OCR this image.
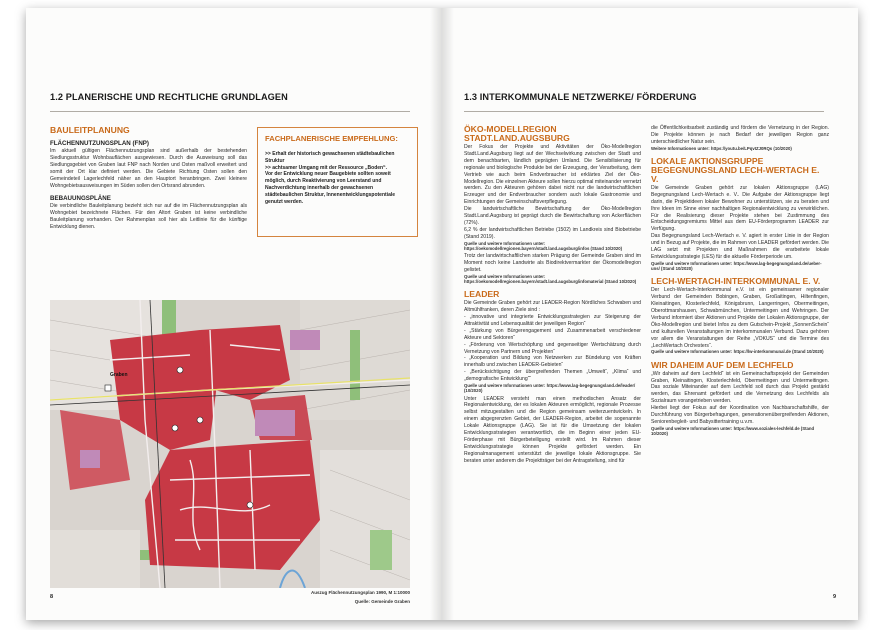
1.2 PLANERISCHE UND RECHTLICHE GRUNDLAGEN
BAULEITPLANUNG
FLÄCHENNUTZUNGSPLAN (FNP)

Im aktuell gültigen Flächennutzungsplan sind außerhalb der bestehenden Siedlungsstruktur Wohnbauflächen ausgewiesen. Durch die Ausweisung soll das Siedlungsgebiet von Graben laut FNP nach Norden und Osten maßvoll erweitert und somit der Ort klar definiert werden. Die Gebiete Richtung Osten sollen den Gemeindeteil Lagerlechfeld näher an den Hauptort heranbringen. Zwei kleinere Wohngebietsausweisungen im Süden sollen den Ortsrand abrunden.

BEBAUUNGSPLÄNE

Die verbindliche Bauleitplanung bezieht sich nur auf die im Flächennutzungsplan als Wohngebiet bezeichnete Flächen. Für den Altort Graben ist keine verbindliche Bauleitplanung vorhanden. Der Rahmenplan soll hier als Leitlinie für die künftige Entwicklung dienen.

FACHPLANERISCHE EMPFEHLUNG:
>> Erhalt der historisch gewachsenen städtebaulichen Struktur
>> achtsamer Umgang mit der Ressource „Boden“.
Vor der Entwicklung neuer Baugebiete sollten soweit möglich, durch Reaktivierung von Leerstand und Nachverdichtung innerhalb der gewachsenen städtebaulichen Struktur, Innenentwicklungspotentiale genutzt werden.
Graben
Auszug Flächennutzungsplan 1990, M 1:10000
Quelle: Gemeinde Graben
8
1.3 INTERKOMMUNALE NETZWERKE/ FÖRDERUNG
ÖKO-MODELLREGION STADT.LAND.AUGSBURG

Der Fokus der Projekte und Aktivitäten der Öko-Modellregion Stadt.Land.Augsburg liegt auf der Wechselwirkung zwischen der Stadt und dem benachbarten, ländlich geprägten Umland. Die Sensibilisierung für regionale und biologische Produkte bei der Erzeugung, der Verarbeitung, dem Vertrieb wie auch beim Endverbraucher ist erklärtes Ziel der Öko-Modellregion. Die einzelnen Akteure sollen hierzu optimal miteinander vernetzt werden. Zu den Akteuren gehören dabei nicht nur die landwirtschaftlichen Erzeuger und der Endverbraucher sondern auch lokale Gastronomie und Einrichtungen der Gemeinschaftsverpflegung.

Die landwirtschaftliche Bewirtschaftung der Öko-Modellregion Stadt.Land.Augsburg ist geprägt durch die Bewirtschaftung von Ackerflächen (72%).

6,2 % der landwirtschaftlichen Betriebe (1502) im Landkreis sind Biobetriebe (Stand 2019).

Quelle und weitere Informationen unter: https://oekomodellregionen.bayern/stadt.land.augsburg/infos (Stand 10/2020)

Trotz der landwirtschaftlichen starken Prägung der Gemeinde Graben sind im Moment noch keine Landwirte als Biodirektvermarkter der Ökomodellregion gelistet.

Quelle und weitere Informationen unter: https://oekomodellregionen.bayern/stadt.land.augsburg/infomaterial (Stand 10/2020)

LEADER

Die Gemeinde Graben gehört zur LEADER-Region Nördliches Schwaben und Altmühlfranken, deren Ziele sind :

- „innovative und integrierte Entwicklungsstrategien zur Steigerung der Attraktivität und Lebensqualität der jeweiligen Region“

- „Stärkung von Bürgerengagement und Zusammenarbeit verschiedener Akteure und Sektoren“

- „Förderung von Wertschöpfung und gegenseitiger Wertschätzung durch Vernetzung von Partnern und Projekten“

- „Kooperation und Bildung von Netzwerken zur Bündelung von Kräften innerhalb und zwischen LEADER-Gebieten“

- „Berücksichtigung der übergreifenden Themen „Umwelt“, „Klima“ und „demografische Entwicklung““

Quelle und weitere Informationen unter: https://www.lag-begegnungsland.de/leader/ (10/2020)

Unter LEADER versteht man einen methodischen Ansatz der Regionalentwicklung, der es lokalen Akteuren ermöglicht, regionale Prozesse selbst mitzugestalten und die Region gemeinsam weiterzuentwickeln. In einem abgegrenzten Gebiet, der LEADER-Region, arbeitet die sogenannte Lokale Aktionsgruppe (LAG). Sie ist für die Umsetzung der lokalen Entwicklungsstrategien verantwortlich, die im Beginn einer jeden EU-Förderphase mit Bürgerbeteiligung erstellt wird. Im Rahmen dieser Entwicklungsstrategie können Projekte gefördert werden. Ein Regionalmanagement unterstützt die jeweilige lokale Aktionsgruppe. Sie beraten unter anderem die Projektträger bei der Antragstellung, sind für

die Öffentlichkeitsarbeit zuständig und fördern die Vernetzung in der Region. Die Projekte können je nach Bedarf der jeweiligen Region ganz unterschiedlicher Natur sein.

Weitere Informationen unter: https://youtu.be/LPqvIZJ0RQs (10/2020)

LOKALE AKTIONSGRUPPE BEGEGNUNGSLAND LECH-WERTACH E. V.

Die Gemeinde Graben gehört zur lokalen Aktionsgruppe (LAG) Begegnungsland Lech-Wertach e. V.. Die Aufgabe der Aktionsgruppe liegt darin, die Projektideen lokaler Bewohner zu unterstützen, sie zu beraten und Ihre Ideen im Sinne einer nachhaltigen Regionalentwicklung zu verwirklichen. Für die Realisierung dieser Projekte stehen bei Zustimmung des Entscheidungsgremiums Mittel aus dem EU-Förderprogramm LEADER zur Verfügung.

Das Begegnungsland Lech-Wertach e. V. agiert in erster Linie in der Region und in Bezug auf Projekte, die im Rahmen von LEADER gefördert werden. Die LAG setzt mit Projekten und Maßnahmen die erarbeitete lokale Entwicklungsstrategie (LES) für die aktuelle Förderperiode um.

Quelle und weitere Informationen unter: https://www.lag-begegnungsland.de/ueber-uns/ (Stand 10/2020)

LECH-WERTACH-INTERKOMMUNAL E. V.

Der Lech-Wertach-Interkommunal e.V. ist ein gemeinsamer regionaler Verbund der Gemeinden Bobingen, Graben, Großaitingen, Hiltenfingen, Kleinaitingen, Klosterlechfeld, Königsbrunn, Langerringen, Obermeitingen, Oberottmarshausen, Schwabmünchen, Untermeitingen und Wehringen. Der Verbund informiert über Aktionen und Projekte der Lokalen Aktionsgruppe, der Öko-Modellregion und bietet Infos zu dem Gutschein-Projekt „SonnenSchein“ und kulturellen Veranstaltungen im interkommunalen Verbund. Dazu gehören vor allem die Veranstaltungen der Reihe „VOKUS“ und die Termine des „LechWertach Orchesters“.

Quelle und weitere Informationen unter: https://lw-interkommunal.de (Stand 10/2020)

WIR DAHEIM AUF DEM LECHFELD

„Wir daheim auf dem Lechfeld“ ist ein Gemeinschaftsprojekt der Gemeinden Graben, Kleinaitingen, Klosterlechfeld, Obermeitingen und Untermeitingen. Das soziale Miteinander auf dem Lechfeld soll durch das Projekt gestärkt werden, das Ehrenamt gefördert und die Vernetzung des Lechfelds als Sozialraum vorangetrieben werden.

Hierbei liegt der Fokus auf der Koordination von Nachbarschaftshilfe, der Durchführung von Bürgerbefragungen, generationenübergreifenden Aktionen, Seniorenbegleit- und Babysittertraining u.v.m.

Quelle und weitere Informationen unter: https://www.soziales-lechfeld.de (Stand 10/2020)

9
